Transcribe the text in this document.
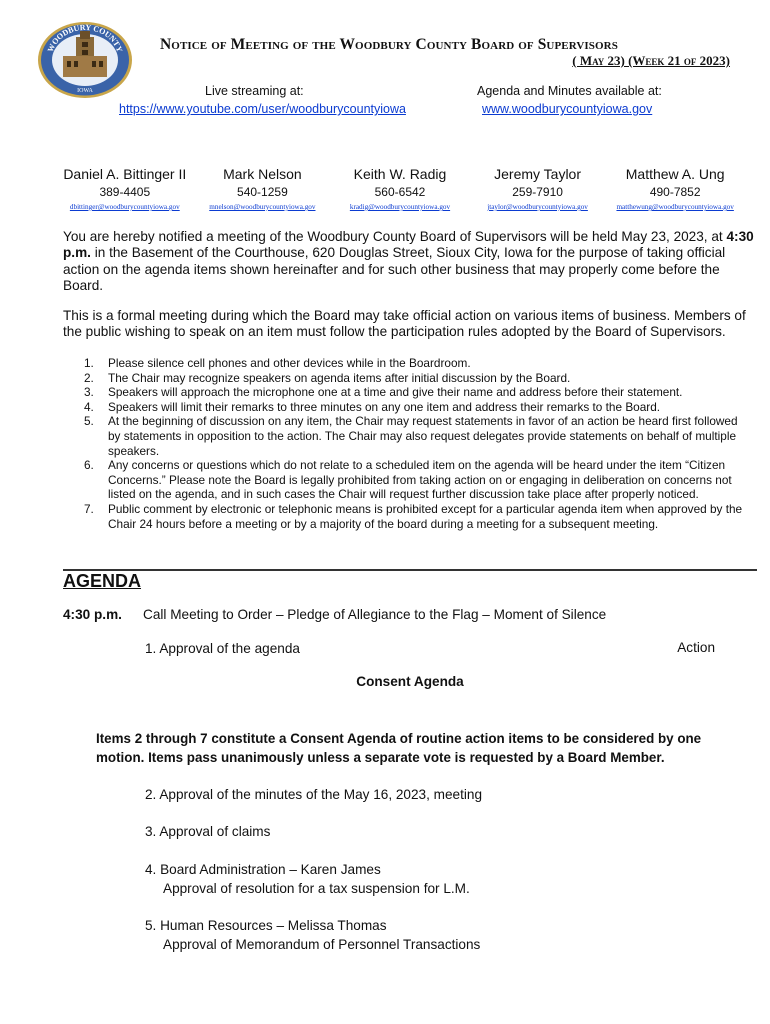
WOODBURY COUNTY
IOWA
Notice of Meeting of the Woodbury County Board of Supervisors
( May 23) (Week 21 of 2023)
Live streaming at:
https://www.youtube.com/user/woodburycountyiowa
Agenda and Minutes available at:
www.woodburycountyiowa.gov
Daniel A. Bittinger II
389-4405
dbittinger@woodburycountyiowa.gov
Mark Nelson
540-1259
mnelson@woodburycountyiowa.gov
Keith W. Radig
560-6542
kradig@woodburycountyiowa.gov
Jeremy Taylor
259-7910
jtaylor@woodburycountyiowa.gov
Matthew A. Ung
490-7852
matthewung@woodburycountyiowa.gov
You are hereby notified a meeting of the Woodbury County Board of Supervisors will be held May 23, 2023, at 4:30 p.m. in the Basement of the Courthouse, 620 Douglas Street, Sioux City, Iowa for the purpose of taking official action on the agenda items shown hereinafter and for such other business that may properly come before the Board.
This is a formal meeting during which the Board may take official action on various items of business. Members of the public wishing to speak on an item must follow the participation rules adopted by the Board of Supervisors.
1. Please silence cell phones and other devices while in the Boardroom.
2. The Chair may recognize speakers on agenda items after initial discussion by the Board.
3. Speakers will approach the microphone one at a time and give their name and address before their statement.
4. Speakers will limit their remarks to three minutes on any one item and address their remarks to the Board.
5. At the beginning of discussion on any item, the Chair may request statements in favor of an action be heard first followed by statements in opposition to the action. The Chair may also request delegates provide statements on behalf of multiple speakers.
6. Any concerns or questions which do not relate to a scheduled item on the agenda will be heard under the item “Citizen Concerns.” Please note the Board is legally prohibited from taking action on or engaging in deliberation on concerns not listed on the agenda, and in such cases the Chair will request further discussion take place after properly noticed.
7. Public comment by electronic or telephonic means is prohibited except for a particular agenda item when approved by the Chair 24 hours before a meeting or by a majority of the board during a meeting for a subsequent meeting.
AGENDA
4:30 p.m. Call Meeting to Order – Pledge of Allegiance to the Flag – Moment of Silence
1. Approval of the agenda	Action
Consent Agenda
Items 2 through 7 constitute a Consent Agenda of routine action items to be considered by one motion. Items pass unanimously unless a separate vote is requested by a Board Member.
2. Approval of the minutes of the May 16, 2023, meeting
3. Approval of claims
4. Board Administration – Karen James
Approval of resolution for a tax suspension for L.M.
5. Human Resources – Melissa Thomas
Approval of Memorandum of Personnel Transactions
